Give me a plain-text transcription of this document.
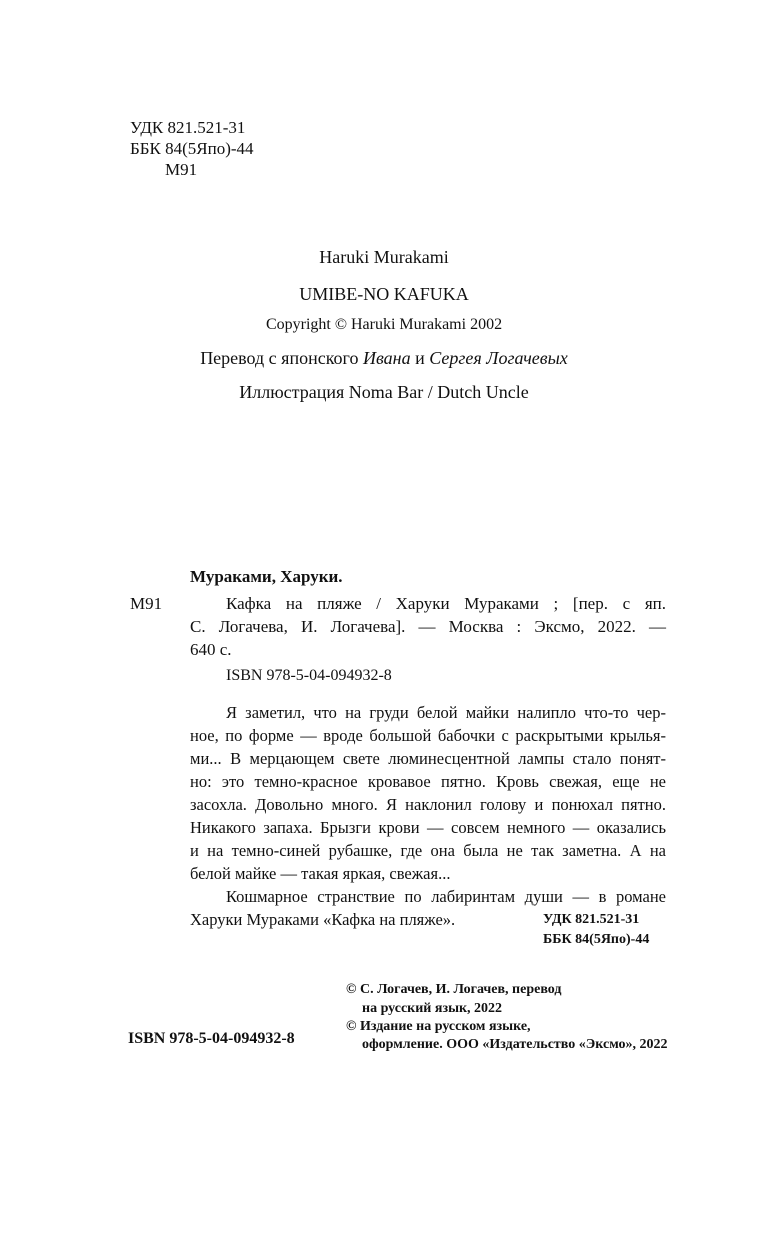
УДК 821.521-31
ББК 84(5Япо)-44
М91
Haruki Murakami
UMIBE-NO KAFUKA
Copyright © Haruki Murakami 2002
Перевод с японского Ивана и Сергея Логачевых
Иллюстрация Noma Bar / Dutch Uncle
Мураками, Харуки.
М91	Кафка на пляже / Харуки Мураками ; [пер. с яп.
С. Логачева, И. Логачева]. — Москва : Эксмо, 2022. —
640 с.
ISBN 978-5-04-094932-8
Я заметил, что на груди белой майки налипло что-то чер-
ное, по форме — вроде большой бабочки с раскрытыми крылья-
ми... В мерцающем свете люминесцентной лампы стало понят-
но: это темно-красное кровавое пятно. Кровь свежая, еще не
засохла. Довольно много. Я наклонил голову и понюхал пятно.
Никакого запаха. Брызги крови — совсем немного — оказались
и на темно-синей рубашке, где она была не так заметна. А на
белой майке — такая яркая, свежая...
Кошмарное странствие по лабиринтам души — в романе
Харуки Мураками «Кафка на пляже».	УДК 821.521-31
ББК 84(5Япо)-44
ISBN 978-5-04-094932-8
© С. Логачев, И. Логачев, перевод
на русский язык, 2022
© Издание на русском языке,
оформление. ООО «Издательство «Эксмо», 2022
